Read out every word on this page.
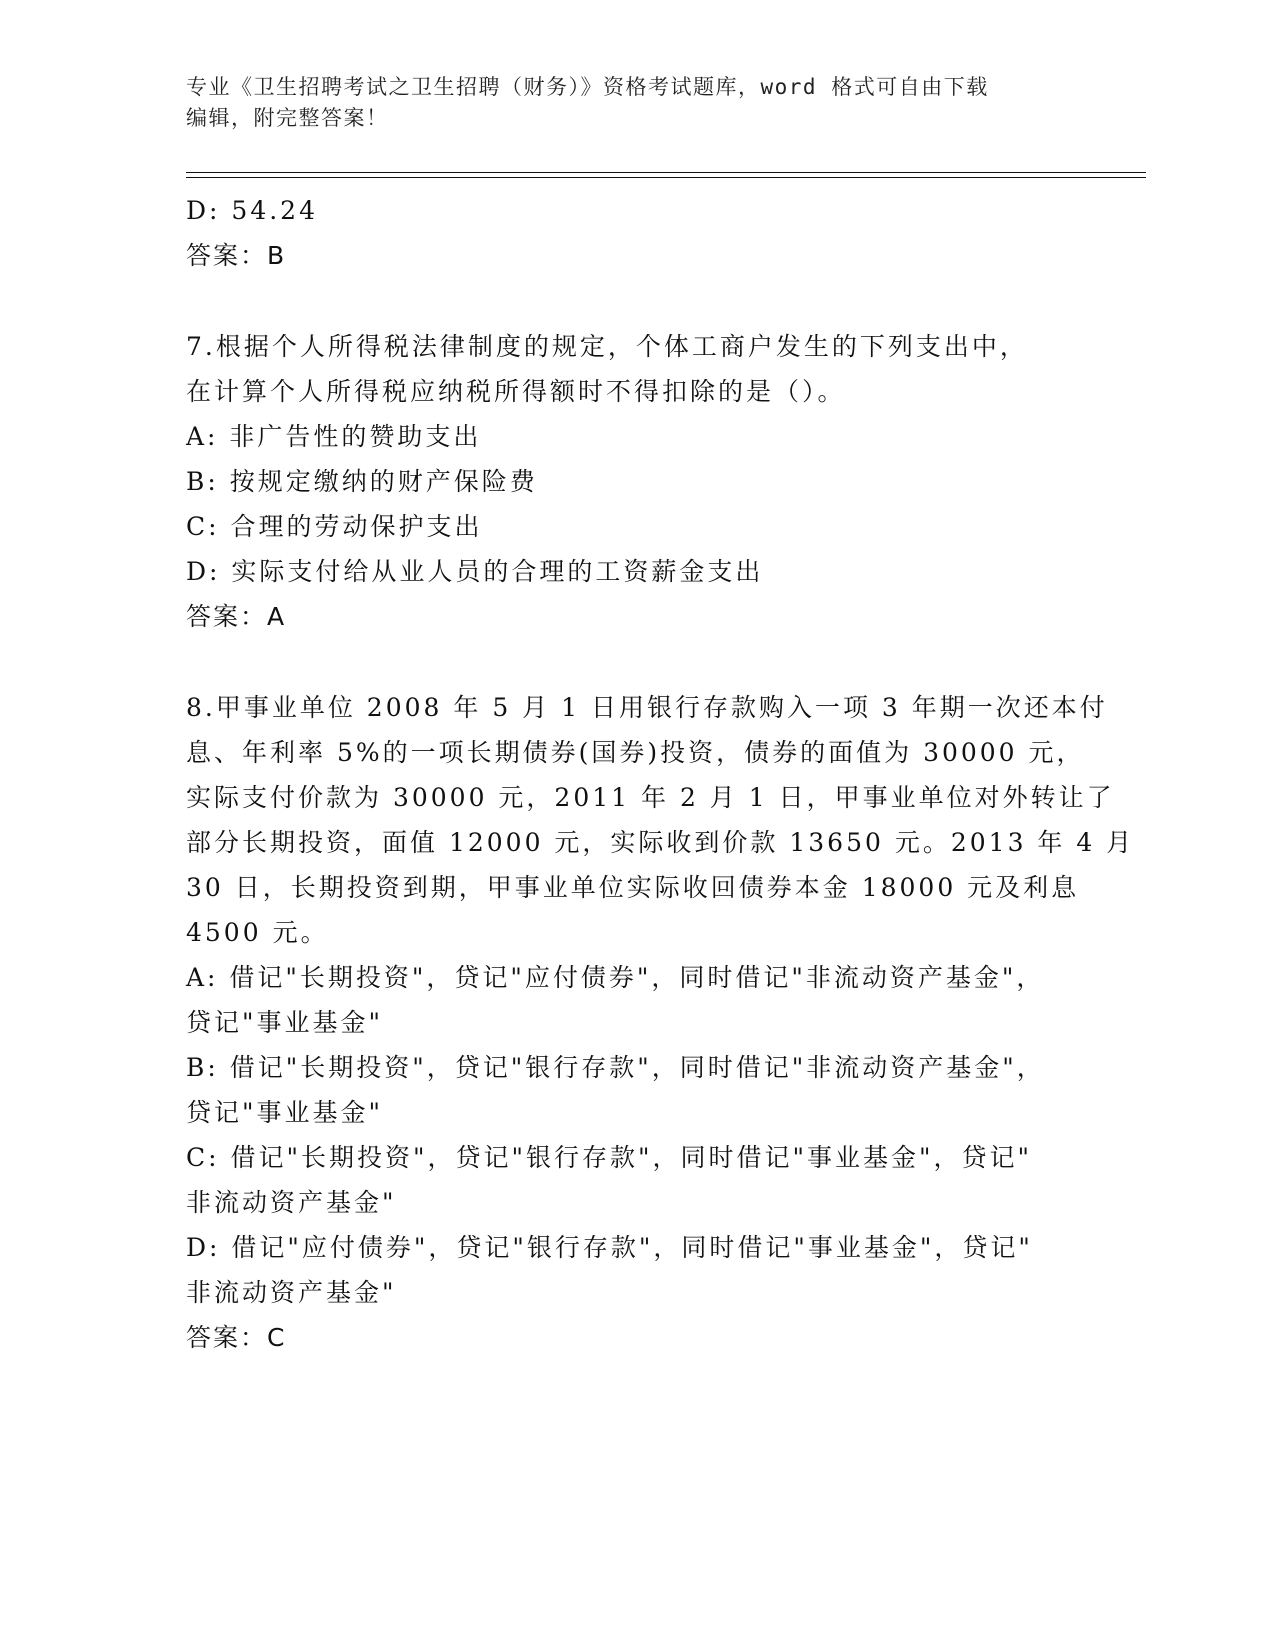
专业《卫生招聘考试之卫生招聘（财务）》资格考试题库，word 格式可自由下载
编辑，附完整答案！
D: 54.24
答案：B
7.根据个人所得税法律制度的规定，个体工商户发生的下列支出中，
在计算个人所得税应纳税所得额时不得扣除的是（）。
A: 非广告性的赞助支出
B: 按规定缴纳的财产保险费
C: 合理的劳动保护支出
D: 实际支付给从业人员的合理的工资薪金支出
答案：A
8.甲事业单位 2008 年 5 月 1 日用银行存款购入一项 3 年期一次还本付
息、年利率 5%的一项长期债券(国券)投资，债券的面值为 30000 元，
实际支付价款为 30000 元，2011 年 2 月 1 日，甲事业单位对外转让了
部分长期投资，面值 12000 元，实际收到价款 13650 元。2013 年 4 月
30 日，长期投资到期，甲事业单位实际收回债券本金 18000 元及利息
4500 元。
A: 借记"长期投资"，贷记"应付债券"，同时借记"非流动资产基金"，
贷记"事业基金"
B: 借记"长期投资"，贷记"银行存款"，同时借记"非流动资产基金"，
贷记"事业基金"
C: 借记"长期投资"，贷记"银行存款"，同时借记"事业基金"，贷记"
非流动资产基金"
D: 借记"应付债券"，贷记"银行存款"，同时借记"事业基金"，贷记"
非流动资产基金"
答案：C
